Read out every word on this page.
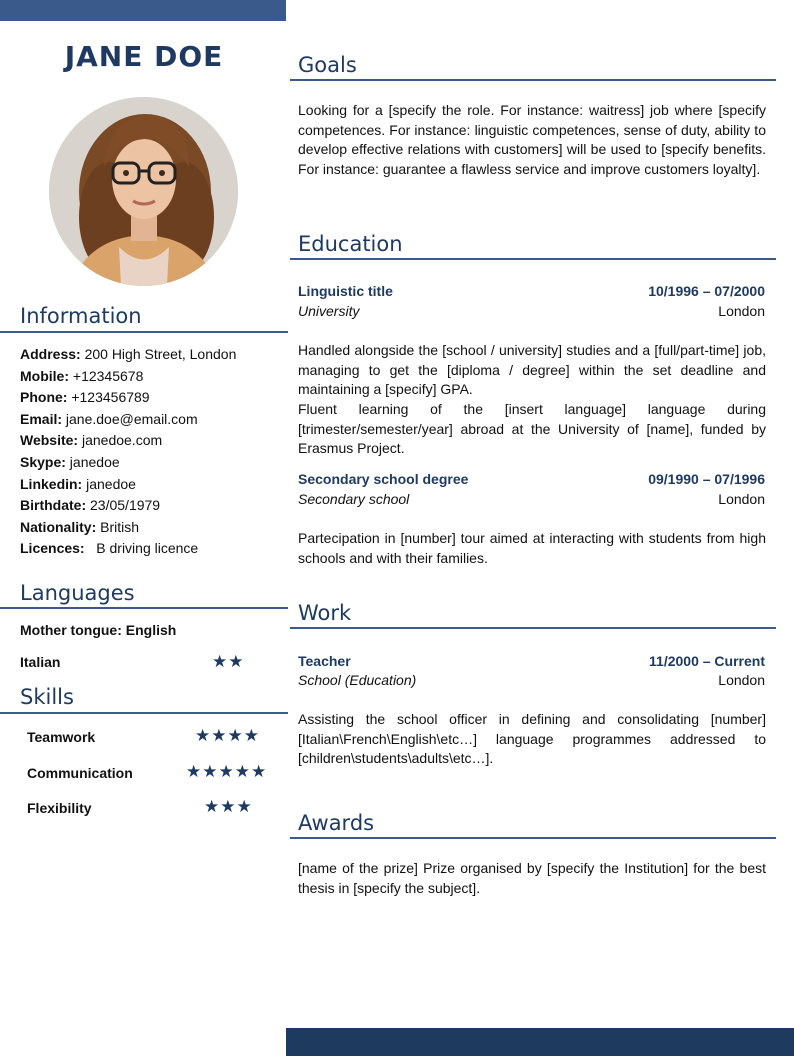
JANE DOE
Information
Address: 200 High Street, London
Mobile: +12345678
Phone: +123456789
Email: jane.doe@email.com
Website: janedoe.com
Skype: janedoe
Linkedin: janedoe
Birthdate: 23/05/1979
Nationality: British
Licences:   B driving licence
Languages
Mother tongue: English
Italian	★★
Skills
Teamwork	★★★★
Communication	★★★★★
Flexibility	★★★
Goals
Looking for a [specify the role. For instance: waitress] job where [specify competences. For instance: linguistic competences, sense of duty, ability to develop effective relations with customers] will be used to [specify benefits. For instance: guarantee a flawless service and improve customers loyalty].
Education
Linguistic title	10/1996 – 07/2000
University	London
Handled alongside the [school / university] studies and a [full/part-time] job, managing to get the [diploma / degree] within the set deadline and maintaining a [specify] GPA.
Fluent learning of the [insert language] language during [trimester/semester/year] abroad at the University of [name], funded by Erasmus Project.
Secondary school degree	09/1990 – 07/1996
Secondary school	London
Partecipation in [number] tour aimed at interacting with students from high schools and with their families.
Work
Teacher	11/2000 – Current
School (Education)	London
Assisting the school officer in defining and consolidating [number] [Italian\French\English\etc…] language programmes addressed to [children\students\adults\etc…].
Awards
[name of the prize] Prize organised by [specify the Institution] for the best thesis in [specify the subject].
